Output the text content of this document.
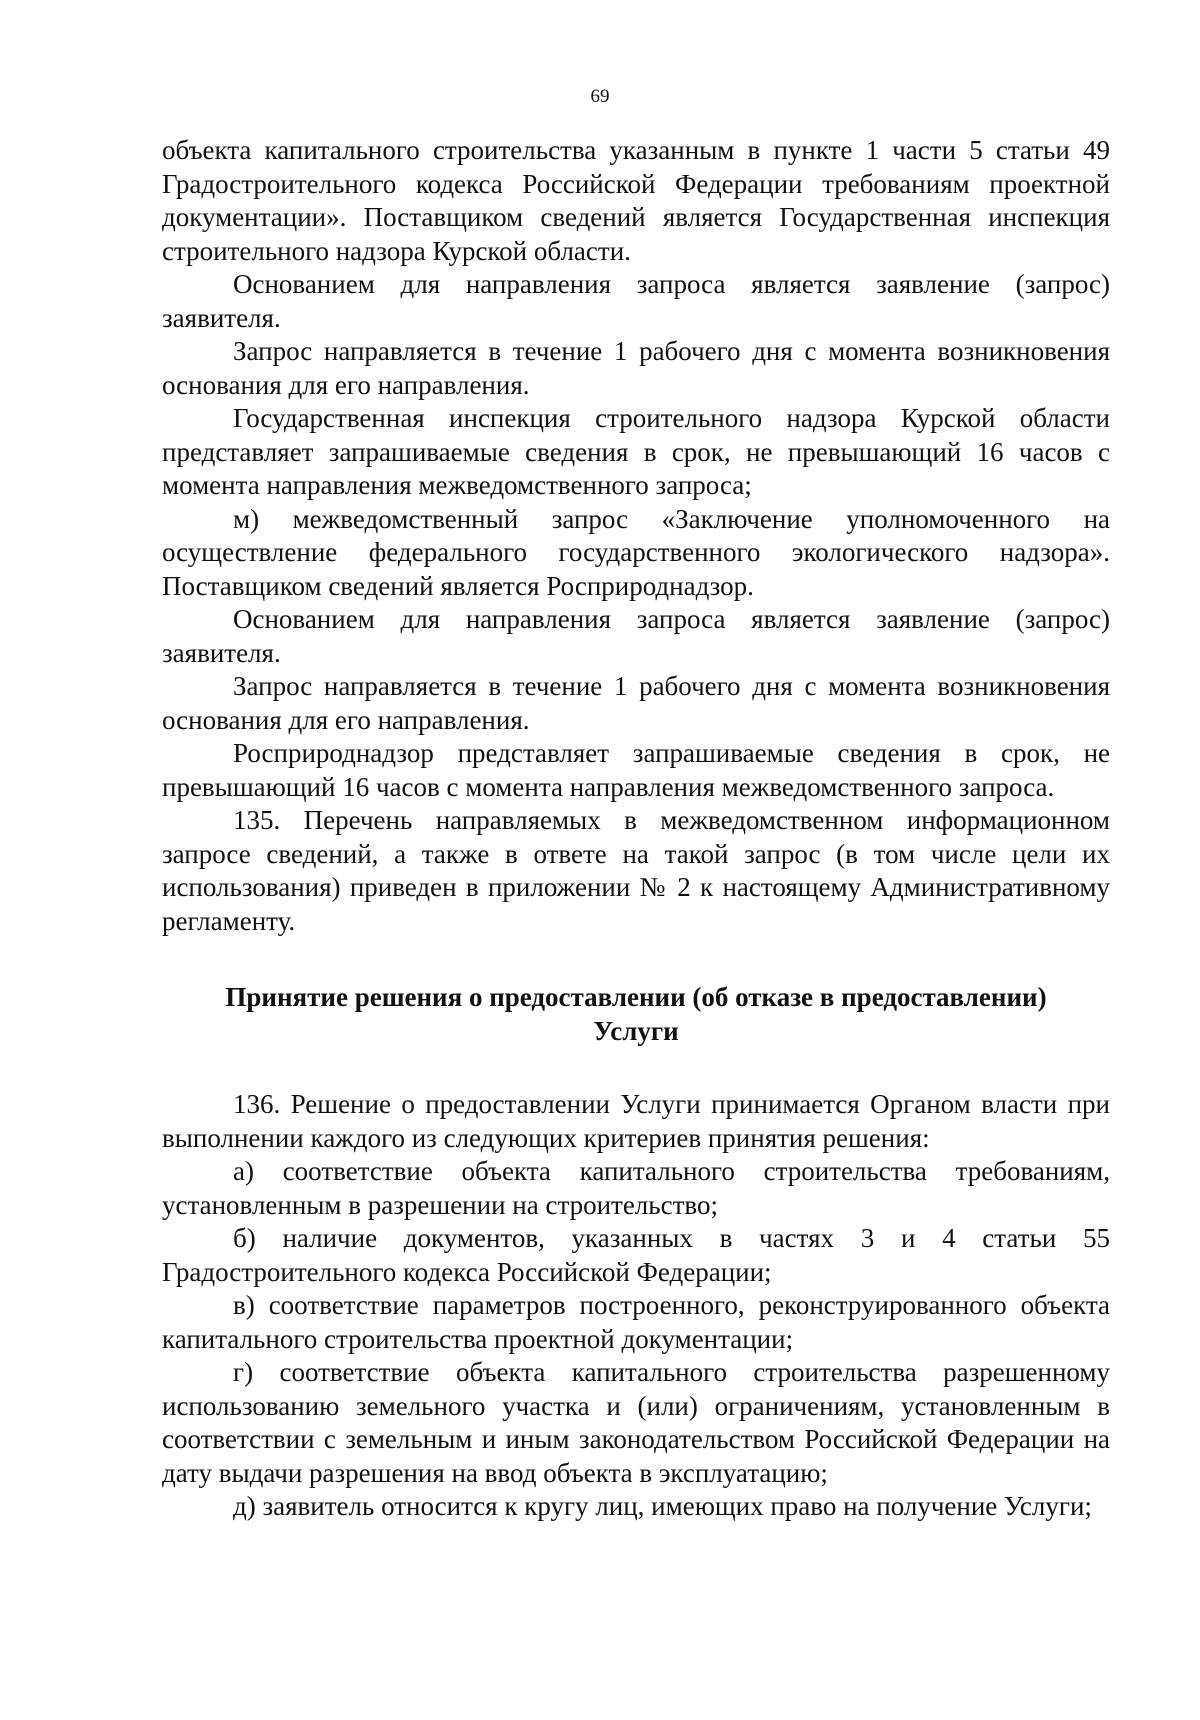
69

объекта капитального строительства указанным в пункте 1 части 5 статьи 49 Градостроительного кодекса Российской Федерации требованиям проектной документации». Поставщиком сведений является Государственная инспекция строительного надзора Курской области.

Основанием для направления запроса является заявление (запрос) заявителя.

Запрос направляется в течение 1 рабочего дня с момента возникновения основания для его направления.

Государственная инспекция строительного надзора Курской области представляет запрашиваемые сведения в срок, не превышающий 16 часов с момента направления межведомственного запроса;

м) межведомственный запрос «Заключение уполномоченного на осуществление федерального государственного экологического надзора». Поставщиком сведений является Росприроднадзор.

Основанием для направления запроса является заявление (запрос) заявителя.

Запрос направляется в течение 1 рабочего дня с момента возникновения основания для его направления.

Росприроднадзор представляет запрашиваемые сведения в срок, не превышающий 16 часов с момента направления межведомственного запроса.

135. Перечень направляемых в межведомственном информационном запросе сведений, а также в ответе на такой запрос (в том числе цели их использования) приведен в приложении № 2 к настоящему Административному регламенту.

Принятие решения о предоставлении (об отказе в предоставлении)
Услуги

136. Решение о предоставлении Услуги принимается Органом власти при выполнении каждого из следующих критериев принятия решения:

а) соответствие объекта капитального строительства требованиям, установленным в разрешении на строительство;

б) наличие документов, указанных в частях 3 и 4 статьи 55 Градостроительного кодекса Российской Федерации;

в) соответствие параметров построенного, реконструированного объекта капитального строительства проектной документации;

г) соответствие объекта капитального строительства разрешенному использованию земельного участка и (или) ограничениям, установленным в соответствии с земельным и иным законодательством Российской Федерации на дату выдачи разрешения на ввод объекта в эксплуатацию;

д) заявитель относится к кругу лиц, имеющих право на получение Услуги;
